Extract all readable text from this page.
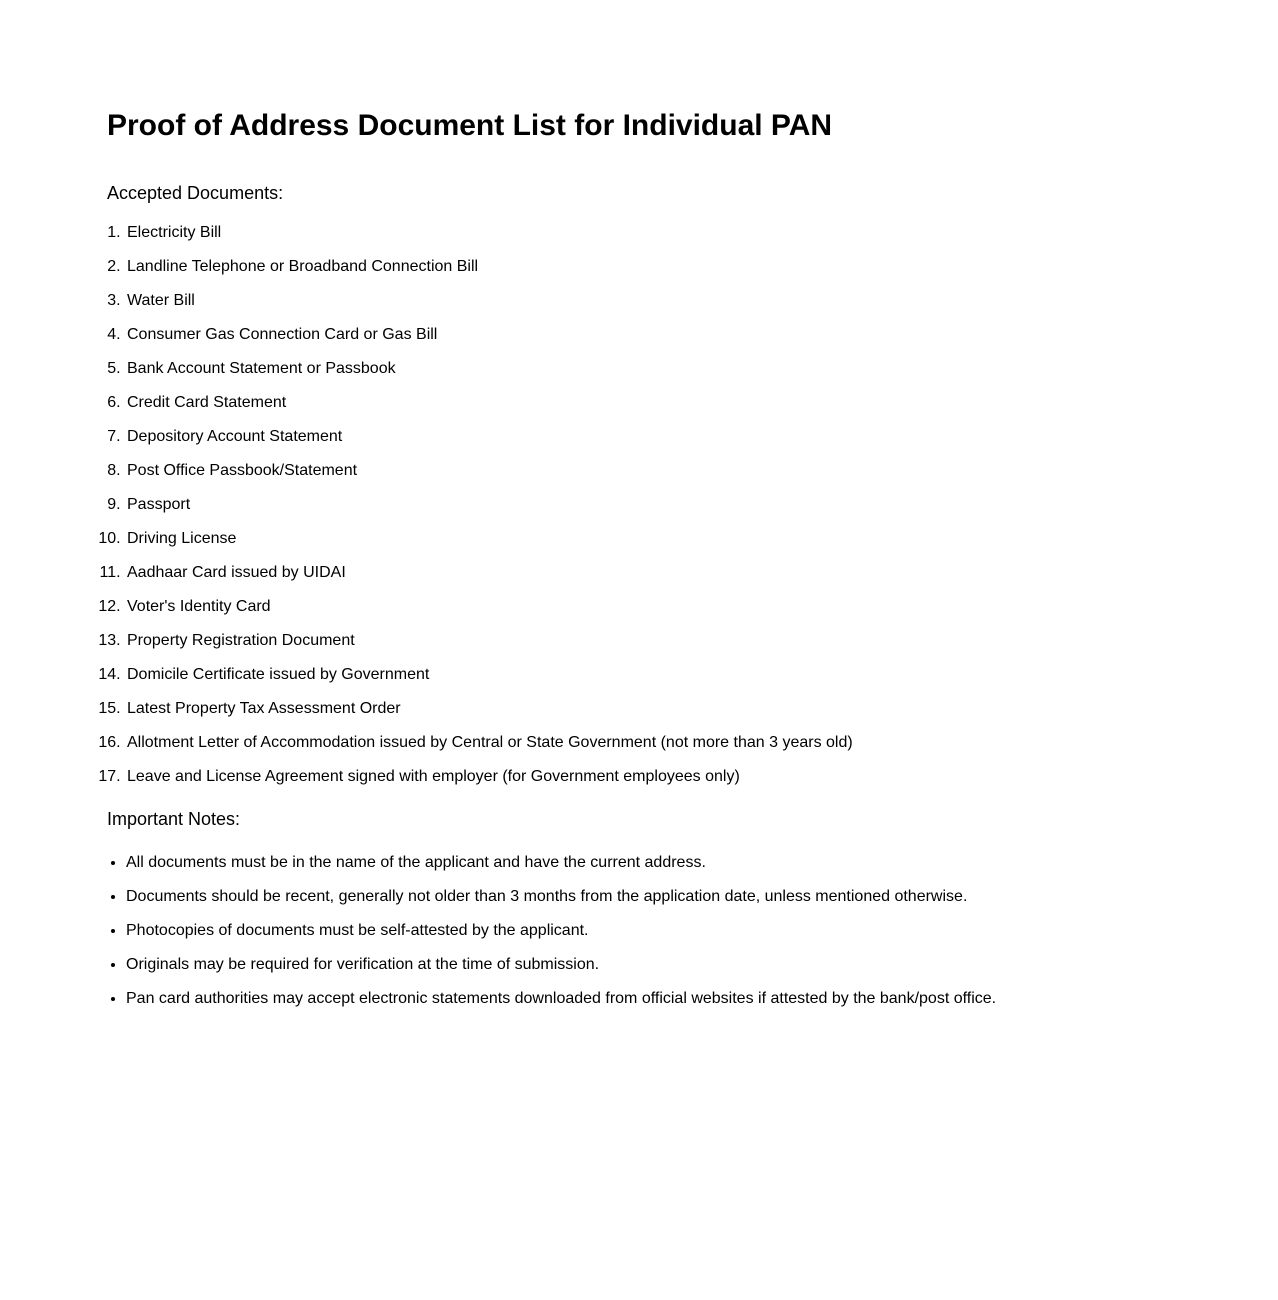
Proof of Address Document List for Individual PAN
Accepted Documents:
1. Electricity Bill
2. Landline Telephone or Broadband Connection Bill
3. Water Bill
4. Consumer Gas Connection Card or Gas Bill
5. Bank Account Statement or Passbook
6. Credit Card Statement
7. Depository Account Statement
8. Post Office Passbook/Statement
9. Passport
10. Driving License
11. Aadhaar Card issued by UIDAI
12. Voter's Identity Card
13. Property Registration Document
14. Domicile Certificate issued by Government
15. Latest Property Tax Assessment Order
16. Allotment Letter of Accommodation issued by Central or State Government (not more than 3 years old)
17. Leave and License Agreement signed with employer (for Government employees only)
Important Notes:
• All documents must be in the name of the applicant and have the current address.
• Documents should be recent, generally not older than 3 months from the application date, unless mentioned otherwise.
• Photocopies of documents must be self-attested by the applicant.
• Originals may be required for verification at the time of submission.
• Pan card authorities may accept electronic statements downloaded from official websites if attested by the bank/post office.
